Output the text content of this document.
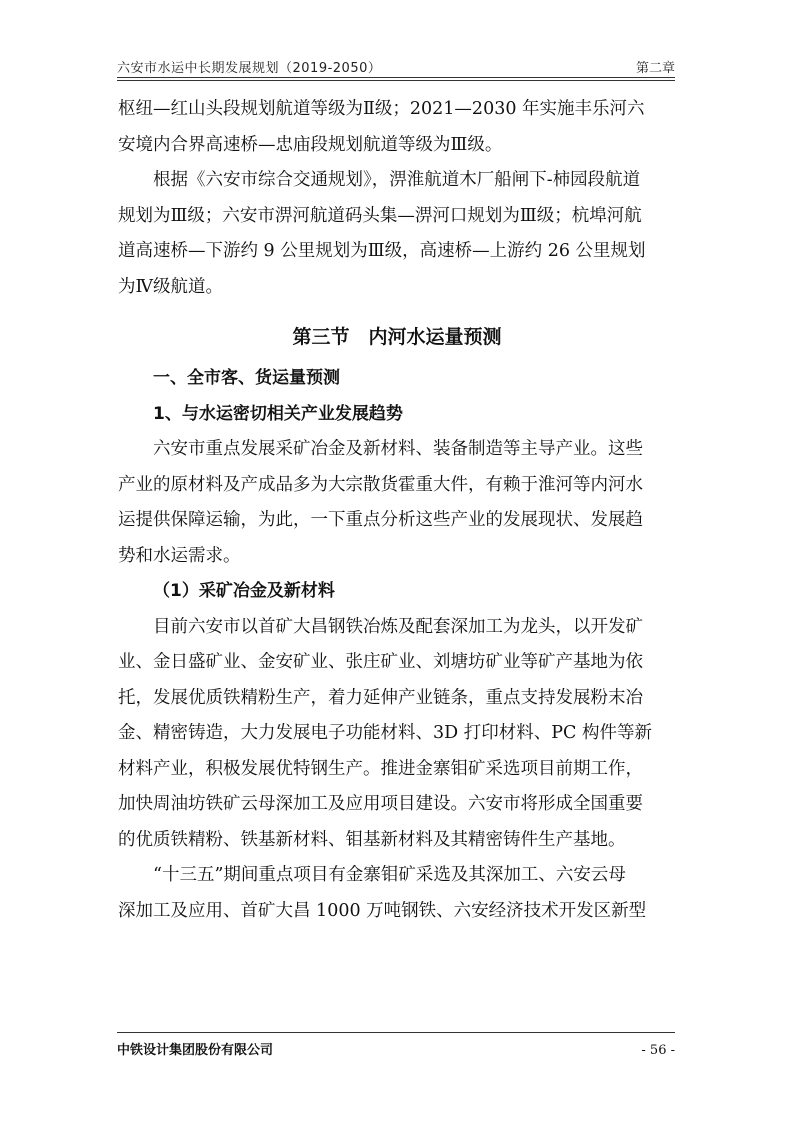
六安市水运中长期发展规划（2019-2050）	第二章
枢纽—红山头段规划航道等级为Ⅱ级；2021—2030 年实施丰乐河六
安境内合界高速桥—忠庙段规划航道等级为Ⅲ级。
根据《六安市综合交通规划》，淠淮航道木厂船闸下-柿园段航道
规划为Ⅲ级；六安市淠河航道码头集—淠河口规划为Ⅲ级；杭埠河航
道高速桥—下游约 9 公里规划为Ⅲ级，高速桥—上游约 26 公里规划
为Ⅳ级航道。
第三节　内河水运量预测
一、全市客、货运量预测
1、与水运密切相关产业发展趋势
六安市重点发展采矿冶金及新材料、装备制造等主导产业。这些
产业的原材料及产成品多为大宗散货霍重大件，有赖于淮河等内河水
运提供保障运输，为此，一下重点分析这些产业的发展现状、发展趋
势和水运需求。
（1）采矿冶金及新材料
目前六安市以首矿大昌钢铁冶炼及配套深加工为龙头，以开发矿
业、金日盛矿业、金安矿业、张庄矿业、刘塘坊矿业等矿产基地为依
托，发展优质铁精粉生产，着力延伸产业链条，重点支持发展粉末冶
金、精密铸造，大力发展电子功能材料、3D 打印材料、PC 构件等新
材料产业，积极发展优特钢生产。推进金寨钼矿采选项目前期工作，
加快周油坊铁矿云母深加工及应用项目建设。六安市将形成全国重要
的优质铁精粉、铁基新材料、钼基新材料及其精密铸件生产基地。
“十三五”期间重点项目有金寨钼矿采选及其深加工、六安云母
深加工及应用、首矿大昌 1000 万吨钢铁、六安经济技术开发区新型
中铁设计集团股份有限公司	- 56 -
